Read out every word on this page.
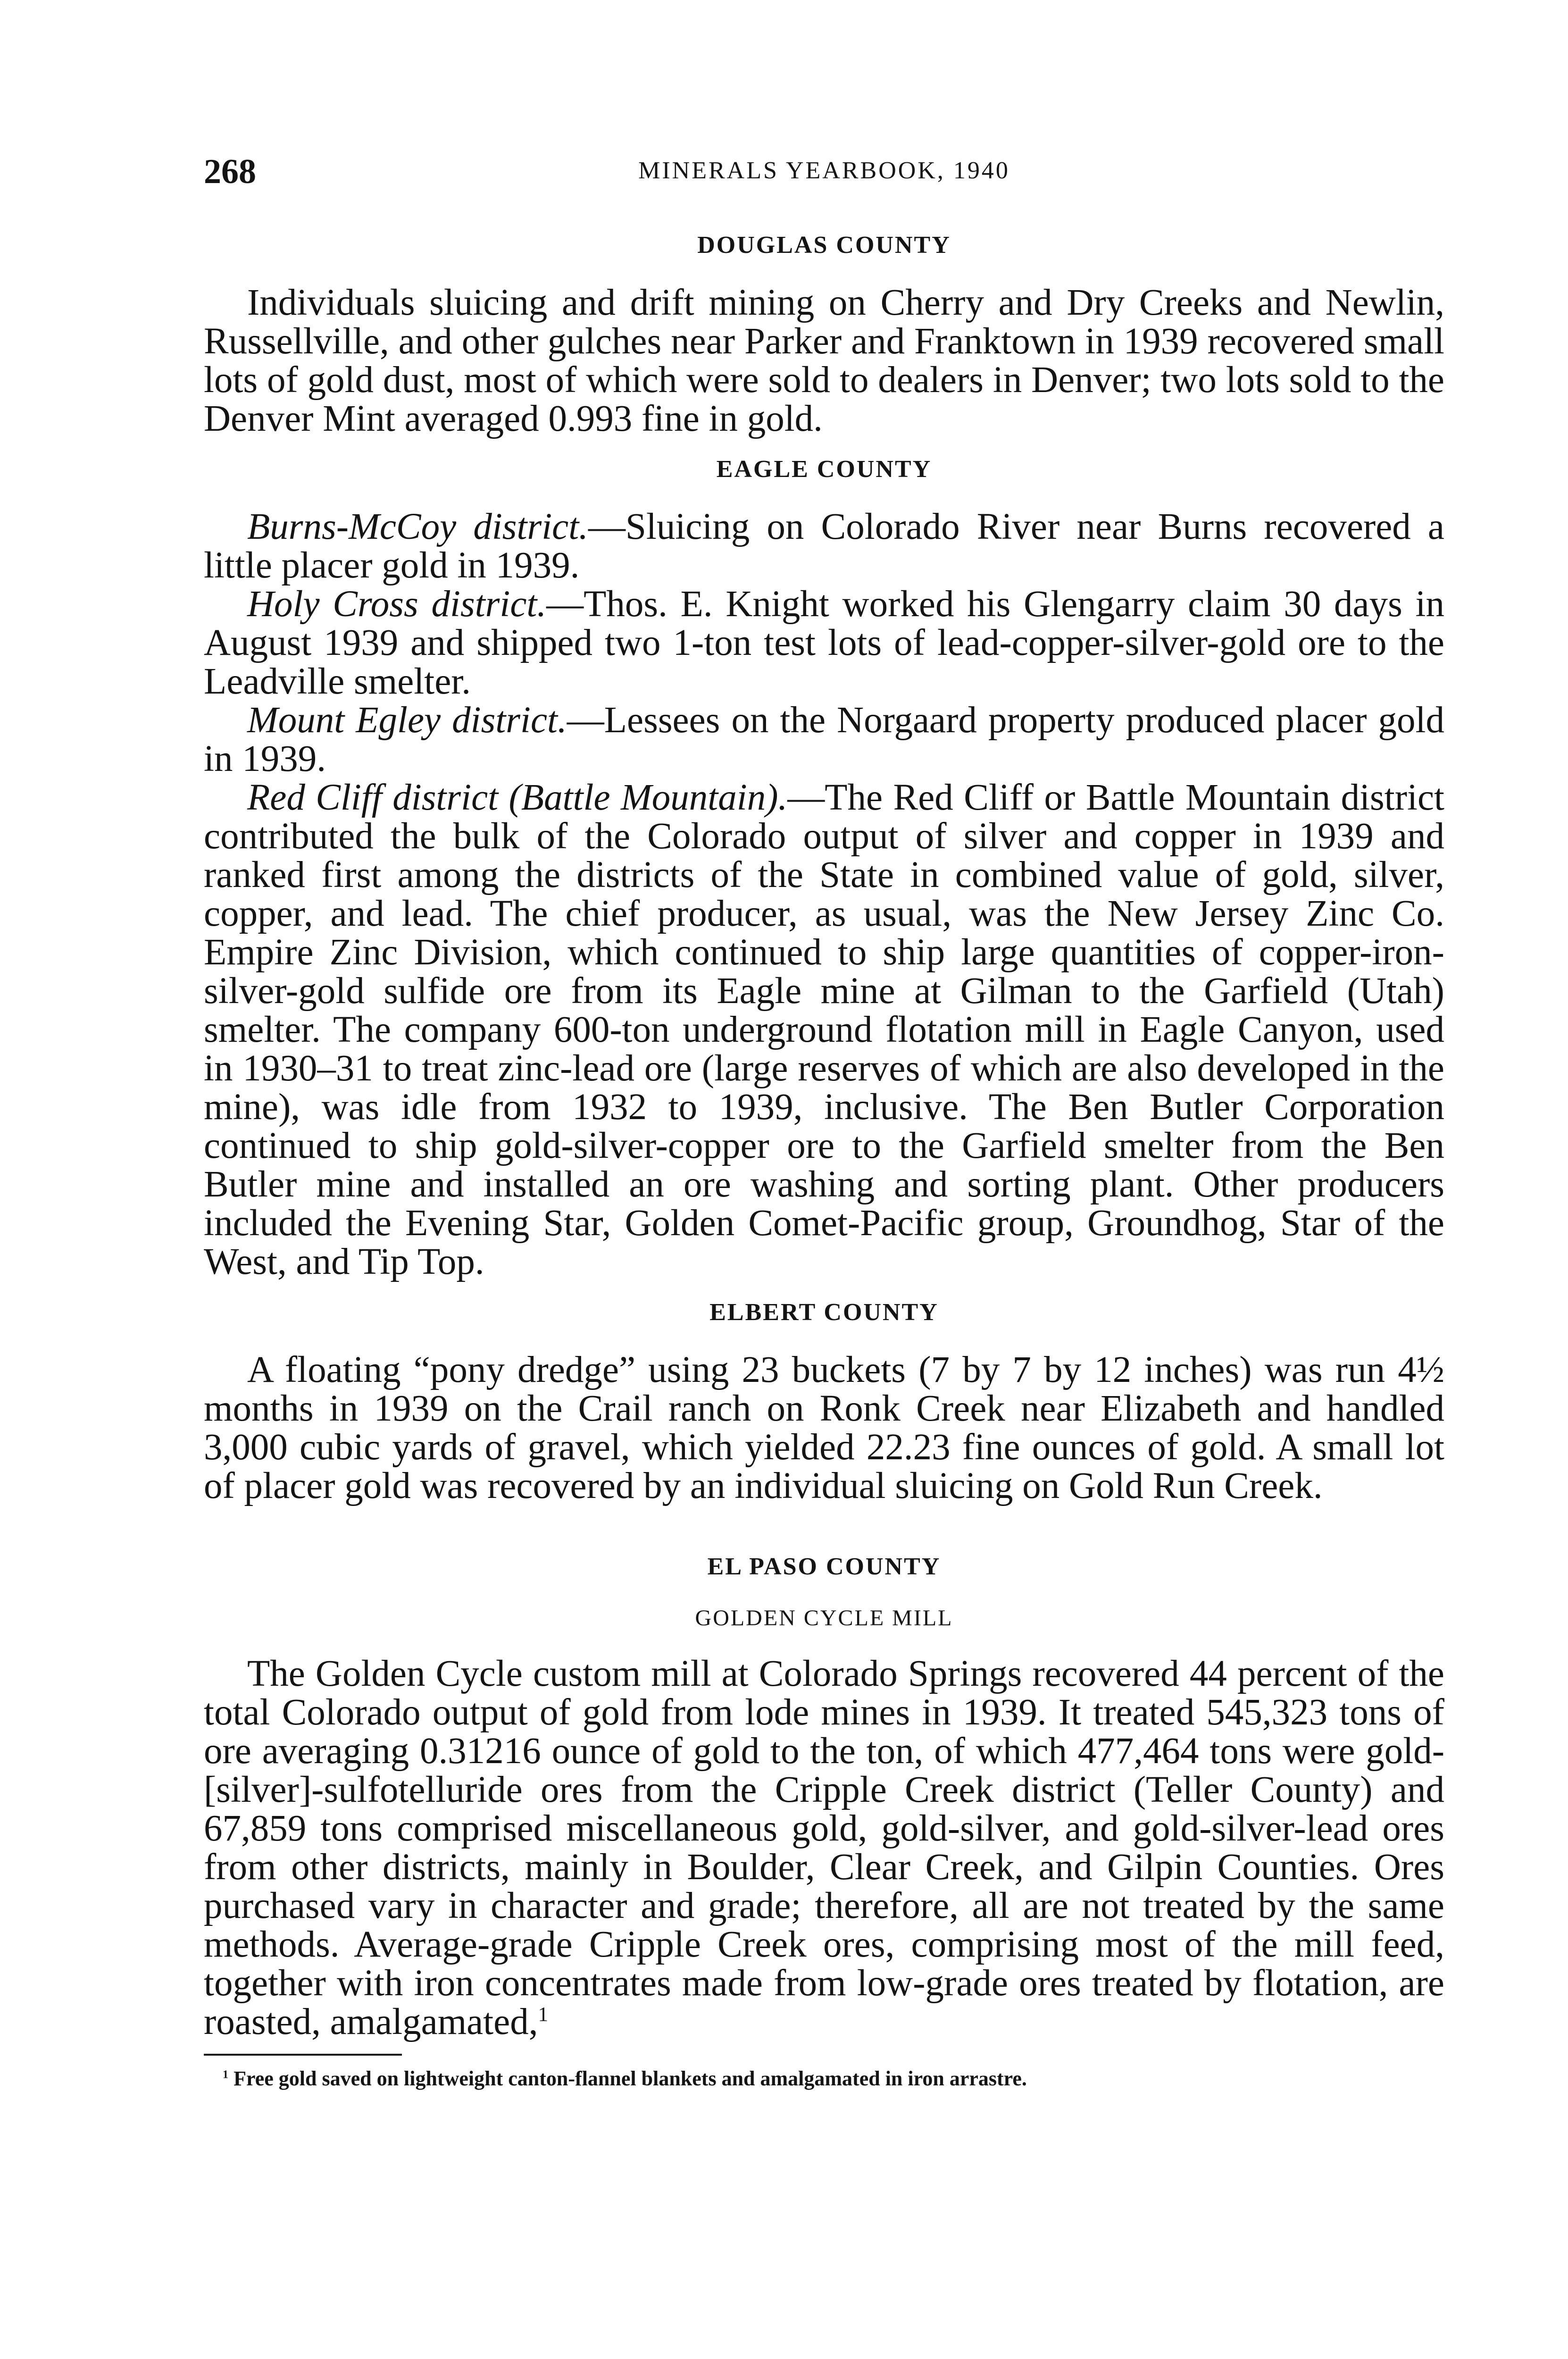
268	MINERALS YEARBOOK, 1940
DOUGLAS COUNTY

Individuals sluicing and drift mining on Cherry and Dry Creeks and Newlin, Russellville, and other gulches near Parker and Franktown in 1939 recovered small lots of gold dust, most of which were sold to dealers in Denver; two lots sold to the Denver Mint averaged 0.993 fine in gold.

EAGLE COUNTY

Burns-McCoy district.—Sluicing on Colorado River near Burns recovered a little placer gold in 1939.

Holy Cross district.—Thos. E. Knight worked his Glengarry claim 30 days in August 1939 and shipped two 1-ton test lots of lead-copper-silver-gold ore to the Leadville smelter.

Mount Egley district.—Lessees on the Norgaard property produced placer gold in 1939.

Red Cliff district (Battle Mountain).—The Red Cliff or Battle Mountain district contributed the bulk of the Colorado output of silver and copper in 1939 and ranked first among the districts of the State in combined value of gold, silver, copper, and lead. The chief producer, as usual, was the New Jersey Zinc Co. Empire Zinc Division, which continued to ship large quantities of copper-iron-silver-gold sulfide ore from its Eagle mine at Gilman to the Garfield (Utah) smelter. The company 600-ton underground flotation mill in Eagle Canyon, used in 1930–31 to treat zinc-lead ore (large reserves of which are also developed in the mine), was idle from 1932 to 1939, inclusive. The Ben Butler Corporation continued to ship gold-silver-copper ore to the Garfield smelter from the Ben Butler mine and installed an ore washing and sorting plant. Other producers included the Evening Star, Golden Comet-Pacific group, Groundhog, Star of the West, and Tip Top.

ELBERT COUNTY

A floating “pony dredge” using 23 buckets (7 by 7 by 12 inches) was run 4½ months in 1939 on the Crail ranch on Ronk Creek near Elizabeth and handled 3,000 cubic yards of gravel, which yielded 22.23 fine ounces of gold. A small lot of placer gold was recovered by an individual sluicing on Gold Run Creek.

EL PASO COUNTY
GOLDEN CYCLE MILL

The Golden Cycle custom mill at Colorado Springs recovered 44 percent of the total Colorado output of gold from lode mines in 1939. It treated 545,323 tons of ore averaging 0.31216 ounce of gold to the ton, of which 477,464 tons were gold-[silver]-sulfotelluride ores from the Cripple Creek district (Teller County) and 67,859 tons comprised miscellaneous gold, gold-silver, and gold-silver-lead ores from other districts, mainly in Boulder, Clear Creek, and Gilpin Counties. Ores purchased vary in character and grade; therefore, all are not treated by the same methods. Average-grade Cripple Creek ores, comprising most of the mill feed, together with iron concentrates made from low-grade ores treated by flotation, are roasted, amalgamated,$^1$

$^1$ Free gold saved on lightweight canton-flannel blankets and amalgamated in iron arrastre.
